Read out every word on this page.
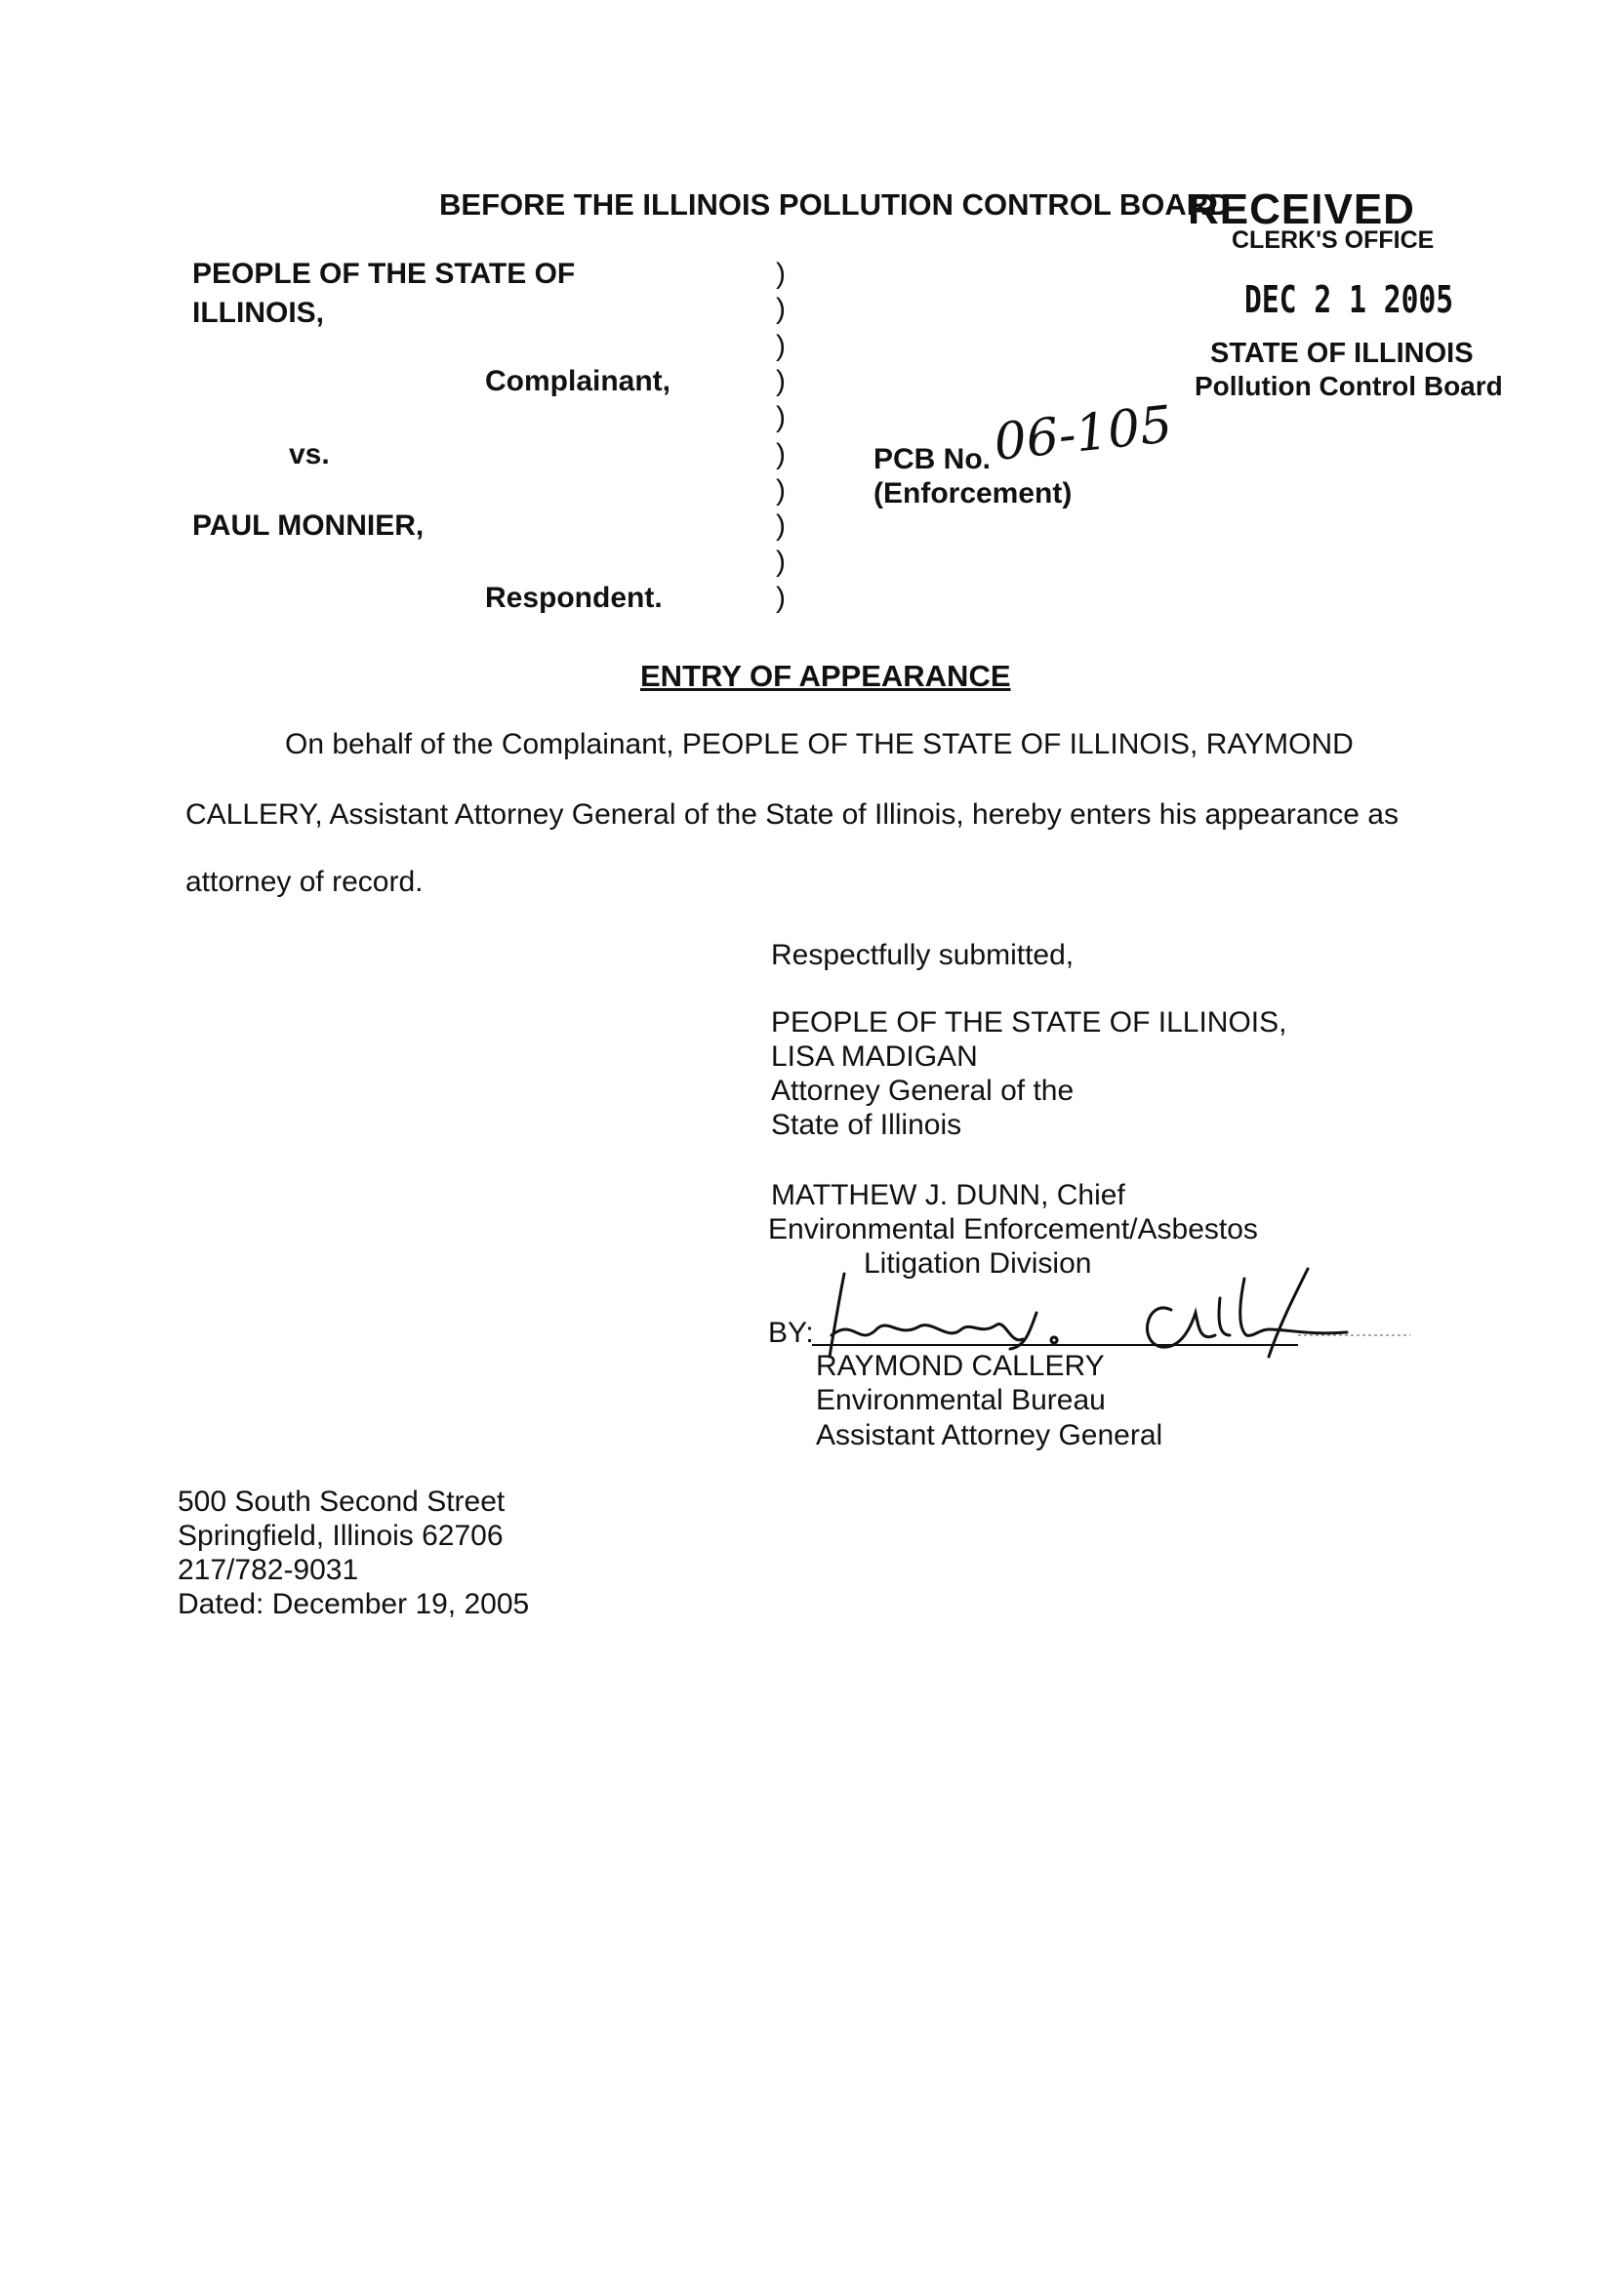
BEFORE THE ILLINOIS POLLUTION CONTROL BOARD
RECEIVED
CLERK'S OFFICE
DEC 2 1 2005
STATE OF ILLINOIS
Pollution Control Board
PEOPLE OF THE STATE OF
ILLINOIS,
Complainant,
vs.
PAUL MONNIER,
Respondent.
)
)
)
)
)
)
)
)
)
)
PCB No. 06-105
(Enforcement)
ENTRY OF APPEARANCE
On behalf of the Complainant, PEOPLE OF THE STATE OF ILLINOIS, RAYMOND
CALLERY, Assistant Attorney General of the State of Illinois, hereby enters his appearance as
attorney of record.
Respectfully submitted,
PEOPLE OF THE STATE OF ILLINOIS,
LISA MADIGAN
Attorney General of the
State of Illinois
MATTHEW J. DUNN, Chief
Environmental Enforcement/Asbestos
Litigation Division
BY:
RAYMOND CALLERY
Environmental Bureau
Assistant Attorney General
500 South Second Street
Springfield, Illinois 62706
217/782-9031
Dated: December 19, 2005
